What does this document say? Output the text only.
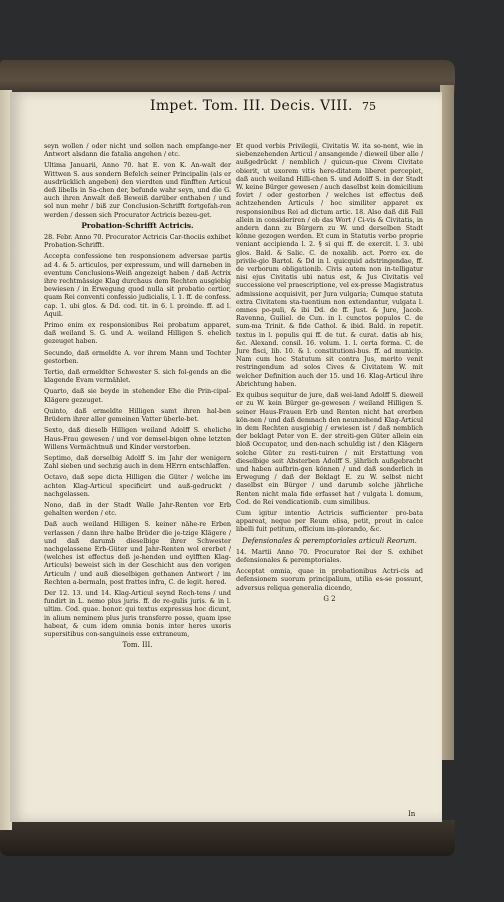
Impet. Tom. III. Decis. VIII. 75

seyn wollen / oder nicht und sollen nach empfange-ner Antwort alsdann die fatalia angehen / etc.

Ultima Januarii, Anno 70. hat E. von K. An-walt der Wittwen S. aus sondern Befelch seiner Principalin (als er ausdrücklich angeben) den vierdten und fünfften Articul deß libells in Sa-chen der, befunde wahr seyn, und die G. auch ihren Anwalt deß Beweiß darüber enthaben / und sol nun mehr / biß zur Conclusion-Schrifft fortgefah-ren werden / dessen sich Procurator Actricis bezeu-get.

Probation-Schrifft Actricis.

28. Febr. Anno 70. Procurator Actricis Car-thociis exhibet Probation-Schrifft.

Accepta confessione ten responsionem adversae partis ad 4. & 5. articulos, per expressum, und will darneben in eventum Conclusions-Weiß angezeigt haben / daß Actrix ihre rechtmässige Klag durchaus dem Rechten ausgiebig bewiesen / in Erwegung quod nulla sit probatio certior, quam Rei conventi confessio judicialis, l. 1. ff. de confess. cap. 1. ubi glos. & Dd. cod. tit. in 6. l. proinde. ff. ad l. Aquil.

Primo enim ex responsionibus Rei probatum apparet, daß weiland S. G. und A. weiland Hilligen S. ehelich gezeuget haben.

Secundo, daß ermeldte A. vor ihrem Mann und Tochter gestorben.

Tertio, daß ermeldter Schwester S. sich fol-gends an die klagende Evam vermählet.

Quarto, daß sie beyde in stehender Ehe die Prin-cipal-Klägere gezeuget.

Quinto, daß ermeldte Hilligen samt ihren hal-ben Brüdern ihrer aller gemeinen Vatter überle-bet.

Sexto, daß dieselb Hilligen weiland Adolff S. eheliche Haus-Frau gewesen / und vor demsel-bigen ohne letzten Willens Vermächtnuß und Kinder verstorben.

Septimo, daß derselbig Adolff S. im Jahr der wenigern Zahl sieben und sechzig auch in dem HErrn entschlaffen.

Octavo, daß sepe dicta Hilligen die Güter / welche im achten Klag-Articul specificirt und auß-gedruckt / nachgelassen.

Nono, daß in der Stadt Walle Jahr-Renten vor Erb gehalten werden / etc.

Daß auch weiland Hilligen S. keiner nähe-re Erben verlassen / dann ihre halbe Brüder die je-tzige Klägere / und daß darumb dieselbige ihrer Schwester nachgelassene Erb-Güter und Jahr-Renten wol ererbet / (welches ist effectus deß je-henden und eylfften Klag-Articuls) beweist sich in der Geschicht aus den vorigen Articuln / und auß dieselbigen gethanen Antwort / im Rechten a-bermaln, post frattes infra, C. de legit. hered.

Der 12. 13. und 14. Klag-Articul seynd Rech-tens / und fundirt in L. nemo plus juris. ff. de re-gulis juris. & in l. ultim. Cod. quae. bonor. qui textus expressus hoc dicunt, in alium neminem plus juris transferre posse, quam ipse habeat, & cum idem omnia bonis inter heres uxoris supersitibus con-sanguineis esse extraneum,

Tom. III.

Et quod verbis Privilegii, Civitatis W. ita so-nent, wie in siebenzehenden Articul / ansangende / dieweil über alle / außgedrückt / nemblich / quicun-que Civem Civitate obierit, ut uxorem vitis here-ditatem liberet percepiet, daß auch weiland Hilli-chen S. und Adolff S. in der Stadt W. keine Bürger gewesen / auch daselbst kein domicilium fovirt / oder gestorben / welches ist effectus deß achtzehenden Articuls / hoc similiter apparet ex responsionibus Rei ad dictum artic. 18. Also daß diß Fall allein in consideriren / ob das Wort / Ci-vis & Civitatis, in andern dann zu Bürgern zu W. und derselben Stadt könne gezogen werden. Et cum in Statutis verbo proprie veniant accipienda l. 2. § si qui ff. de exercit. l. 3. ubi glos. Bald. & Salic. C. de noxalib. act. Porro ex. de privile-gio Bartol. & Dd in l. quicquid adstringendae, ff. de verborum obligationib. Civis autem non in-telligatur nisi ejus Civitatis ubi natus est, & Jus Civitatis vel successione vel praescriptione, vel ex-presse Magistratus admissione acquisivit, per Jura vulgaria; Cumque statuta extra Civitatem sta-tuentium non extendantur, vulgata l. omnes po-puli, & ibi Dd. de ff. Just. & Jure, Jacob. Ravenna, Guiliel. de Cun. in l. cunctos populos C. de sum-ma Trinit. & fide Cathol. & ibid. Bald. in repetit. textus in l. populis qui ff. de tut. & curat. datis ab his, &c. Alexand. consil. 16. volum. 1. l. certa forma. C. de Jure fisci, lib. 10. & l. constitutioni-bus. ff. ad municip. Nam cum hoc Statutum sit contra Jus, merito venit restringendum ad solos Cives & Civitatem W. mit welcher Definition auch der 15. und 16. Klag-Articul ihre Abrichtung haben.

Ex quibus sequitur de jure, daß wei-land Adolff S. dieweil er zu W. kein Bürger ge-gewesen / weiland Hilligen S. seiner Haus-Frauen Erb und Renten nicht hat ererben kön-nen / und daß demnach den neunzehend Klag-Articul in dem Rechten ausgiebig / erwiesen ist / daß nemblich der beklagt Peter von E. der streiti-gen Güter allein ein bloß Occupator, und den-nach schuldig ist / den Klägern solche Güter zu resti-tuiren / mit Erstattung von dieselbige seit Absterben Adolff S. jährlich außgebracht und haben aufbrin-gen können / und daß sonderlich in Erwegung / daß der Beklagt E. zu W. selbst nicht daselbst ein Bürger / und darumb solche jährliche Renten nicht mala fide erfasset hat / vulgata l. domum, Cod. de Rei vendicationib. cum similibus.

Cum igitur intentio Actricis sufficienter pro-bata appareat, neque per Reum elisa, petit, prout in calce libelli fuit petitum, officium im-plorando, &c.

Defensionales & peremptoriales articuli Reorum.

14. Martii Anno 70. Procurator Rei der S. exhibet defensionales & peremptoriales.

Acceptat omnia, quae in probationibus Actri-cis ad defensionem suorum principalium, utilia es-se possunt, adversus reliqua generalia dicendo,

G 2
In
